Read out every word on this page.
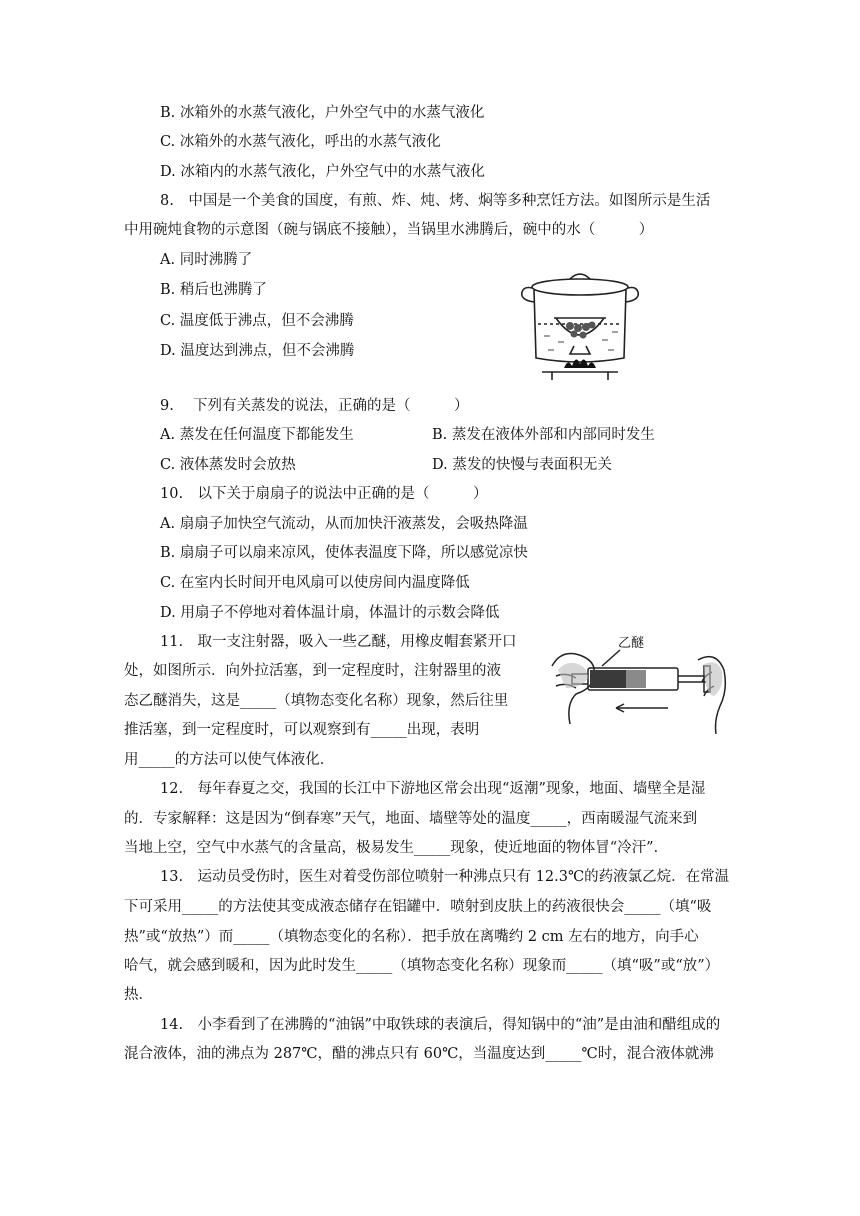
B. 冰箱外的水蒸气液化，户外空气中的水蒸气液化
C. 冰箱外的水蒸气液化，呼出的水蒸气液化
D. 冰箱内的水蒸气液化，户外空气中的水蒸气液化
8.　中国是一个美食的国度，有煎、炸、炖、烤、焖等多种烹饪方法。如图所示是生活
中用碗炖食物的示意图（碗与锅底不接触），当锅里水沸腾后，碗中的水（　　　）
A. 同时沸腾了
B. 稍后也沸腾了
C. 温度低于沸点，但不会沸腾
D. 温度达到沸点，但不会沸腾
9.　 下列有关蒸发的说法，正确的是（　　　）
A. 蒸发在任何温度下都能发生	B. 蒸发在液体外部和内部同时发生
C. 液体蒸发时会放热	D. 蒸发的快慢与表面积无关
10.　以下关于扇扇子的说法中正确的是（　　　）
A. 扇扇子加快空气流动，从而加快汗液蒸发，会吸热降温
B. 扇扇子可以扇来凉风，使体表温度下降，所以感觉凉快
C. 在室内长时间开电风扇可以使房间内温度降低
D. 用扇子不停地对着体温计扇，体温计的示数会降低
11.　取一支注射器，吸入一些乙醚，用橡皮帽套紧开口
处，如图所示．向外拉活塞，到一定程度时，注射器里的液
态乙醚消失，这是_____（填物态变化名称）现象，然后往里
推活塞，到一定程度时，可以观察到有_____出现，表明
用_____的方法可以使气体液化．
乙醚
12.　每年春夏之交，我国的长江中下游地区常会出现“返潮”现象，地面、墙壁全是湿
的．专家解释：这是因为“倒春寒”天气，地面、墙壁等处的温度_____，西南暖湿气流来到
当地上空，空气中水蒸气的含量高，极易发生_____现象，使近地面的物体冒“冷汗”．
13.　运动员受伤时，医生对着受伤部位喷射一种沸点只有 12.3℃的药液氯乙烷．在常温
下可采用_____的方法使其变成液态储存在铝罐中．喷射到皮肤上的药液很快会_____（填“吸
热”或“放热”）而_____（填物态变化的名称）．把手放在离嘴约 2 cm 左右的地方，向手心
哈气，就会感到暖和，因为此时发生_____（填物态变化名称）现象而_____（填“吸”或“放”）
热．
14.　小李看到了在沸腾的“油锅”中取铁球的表演后，得知锅中的“油”是由油和醋组成的
混合液体，油的沸点为 287℃，醋的沸点只有 60℃，当温度达到_____℃时，混合液体就沸
